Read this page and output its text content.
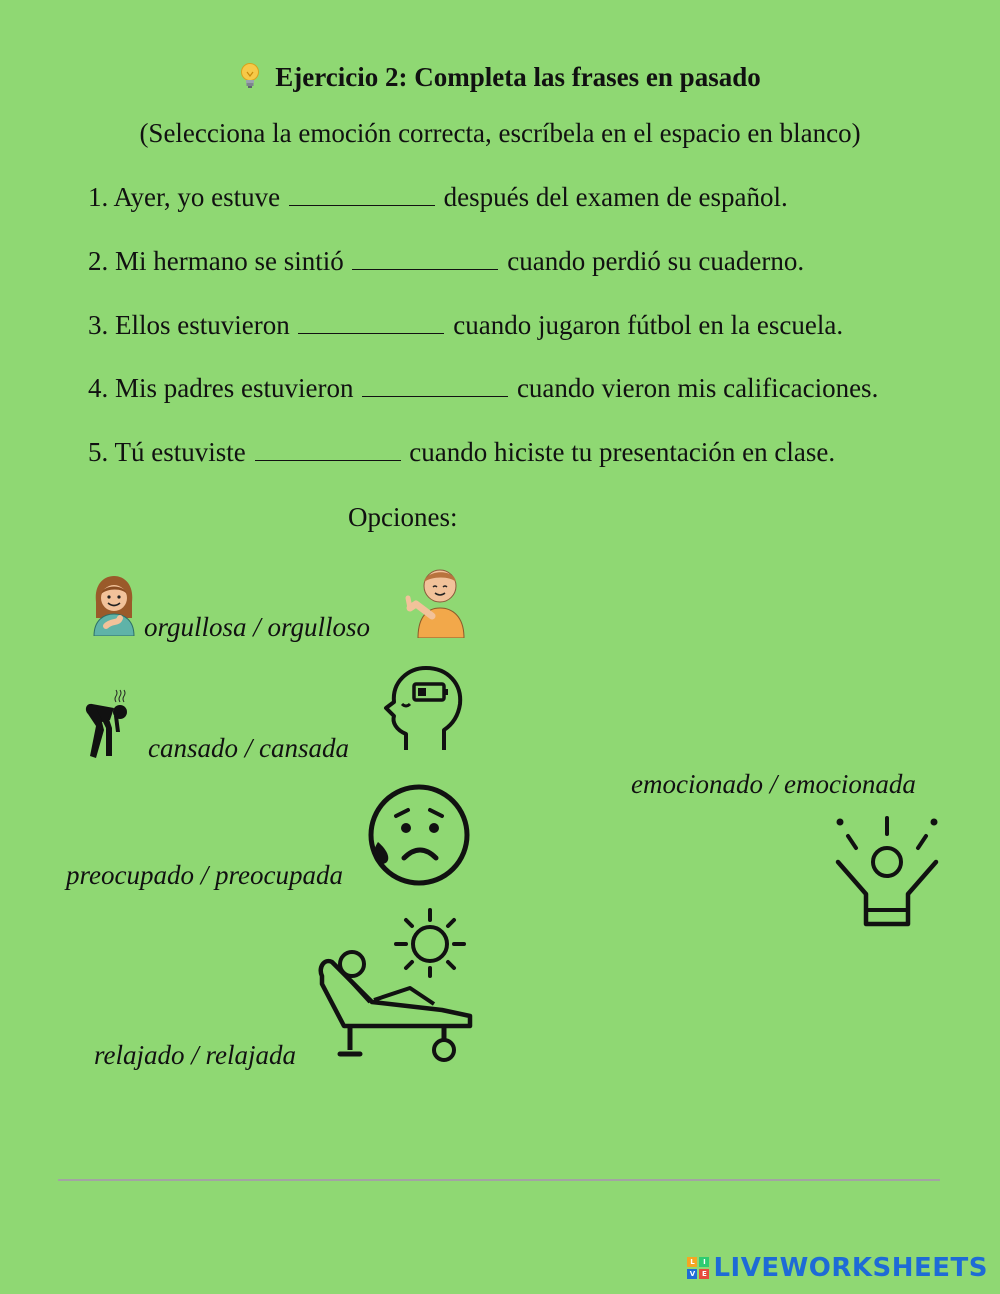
Ejercicio 2: Completa las frases en pasado
(Selecciona la emoción correcta, escríbela en el espacio en blanco)
1. Ayer, yo estuve	después del examen de español.
2. Mi hermano se sintió	cuando perdió su cuaderno.
3. Ellos estuvieron	cuando jugaron fútbol en la escuela.
4. Mis padres estuvieron	cuando vieron mis calificaciones.
5. Tú estuviste	cuando hiciste tu presentación en clase.
Opciones:
orgullosa / orgulloso
cansado / cansada
emocionado / emocionada
preocupado / preocupada
relajado / relajada
L	I
V E LIVEWORKSHEETS
